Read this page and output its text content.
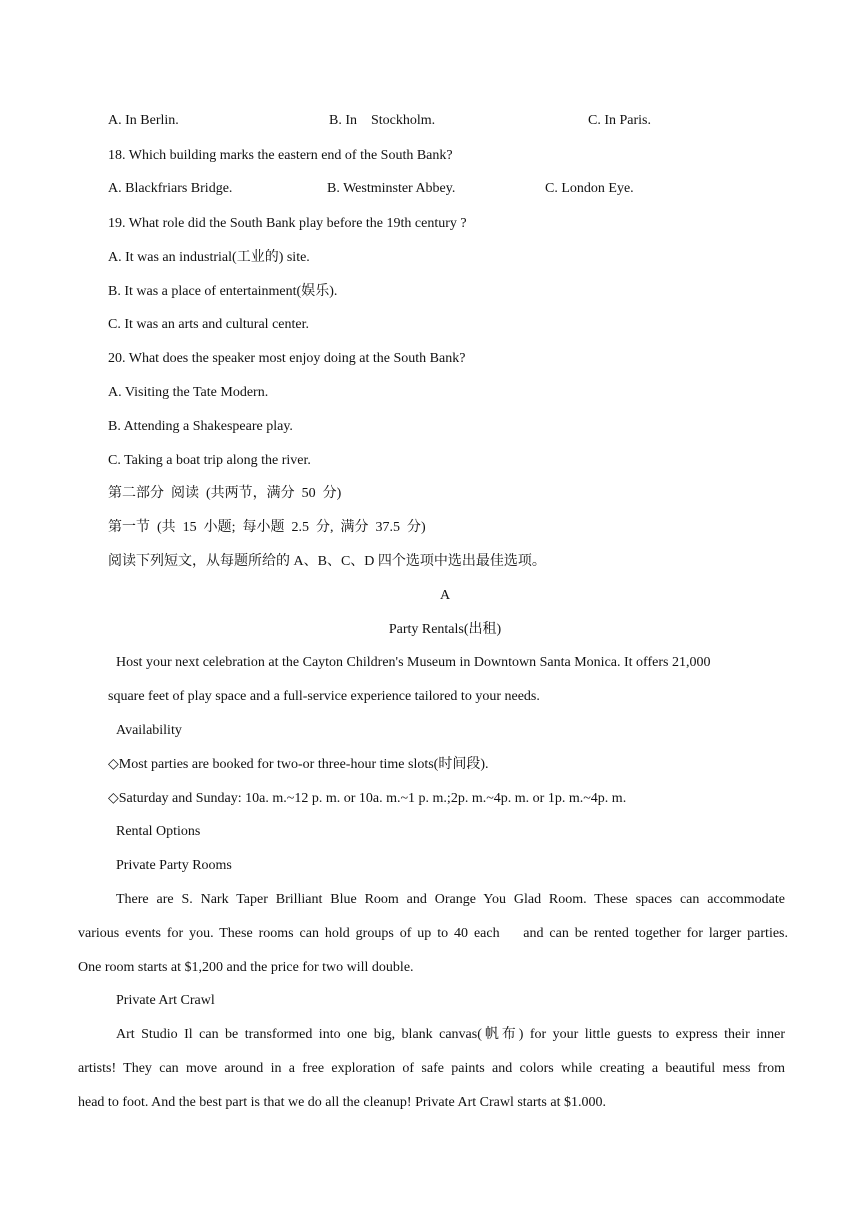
A. In Berlin.	B. In    Stockholm.	C. In Paris.
18. Which building marks the eastern end of the South Bank?
A. Blackfriars Bridge.	B. Westminster Abbey.	C. London Eye.
19. What role did the South Bank play before the 19th century ?
A. It was an industrial(工业的) site.
B. It was a place of entertainment(娱乐).
C. It was an arts and cultural center.
20. What does the speaker most enjoy doing at the South Bank?
A. Visiting the Tate Modern.
B. Attending a Shakespeare play.
C. Taking a boat trip along the river.
第二部分  阅读  (共两节，满分  50  分)
第一节  (共  15  小题;  每小题  2.5  分,  满分  37.5  分)
阅读下列短文，从每题所给的 A、B、C、D 四个选项中选出最佳选项。
A
Party Rentals(出租)
Host your next celebration at the Cayton Children's Museum in Downtown Santa Monica. It offers 21,000
square feet of play space and a full-service experience tailored to your needs.
Availability
◇Most parties are booked for two-or three-hour time slots(时间段).
◇Saturday and Sunday: 10a. m.~12 p. m. or 10a. m.~1 p. m.;2p. m.~4p. m. or 1p. m.~4p. m.
Rental Options
Private Party Rooms
There are S. Nark Taper Brilliant Blue Room and Orange You Glad Room. These spaces can accommodate
various events for you. These rooms can hold groups of up to 40 each    and can be rented together for larger parties.
One room starts at $1,200 and the price for two will double.
Private Art Crawl
Art Studio Il can be transformed into one big, blank canvas(帆布) for your little guests to express their inner
artists! They can move around in a free exploration of safe paints and colors while creating a beautiful mess from
head to foot. And the best part is that we do all the cleanup! Private Art Crawl starts at $1.000.
